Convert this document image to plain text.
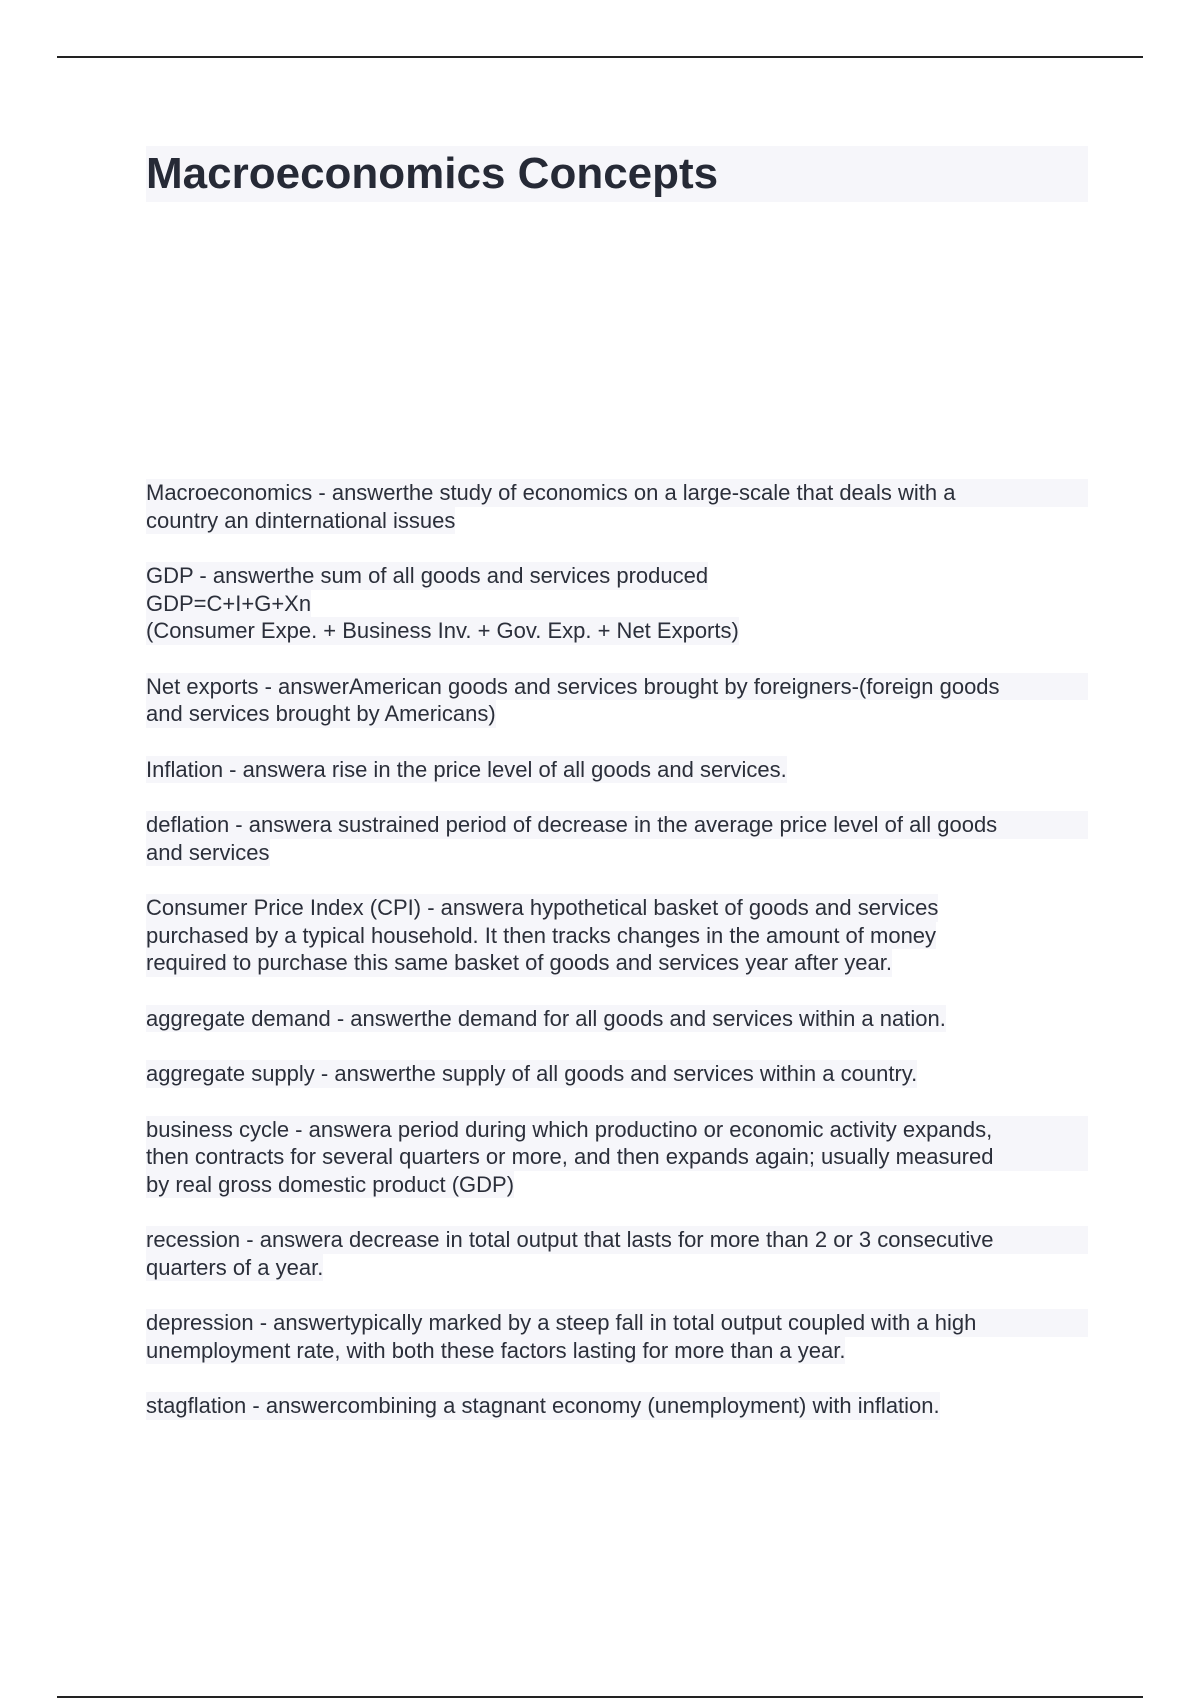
Macroeconomics Concepts
Macroeconomics - answerthe study of economics on a large-scale that deals with a
country an dinternational issues
GDP - answerthe sum of all goods and services produced
GDP=C+I+G+Xn
(Consumer Expe. + Business Inv. + Gov. Exp. + Net Exports)
Net exports - answerAmerican goods and services brought by foreigners-(foreign goods
and services brought by Americans)
Inflation - answera rise in the price level of all goods and services.
deflation - answera sustrained period of decrease in the average price level of all goods
and services
Consumer Price Index (CPI) - answera hypothetical basket of goods and services
purchased by a typical household. It then tracks changes in the amount of money
required to purchase this same basket of goods and services year after year.
aggregate demand - answerthe demand for all goods and services within a nation.
aggregate supply - answerthe supply of all goods and services within a country.
business cycle - answera period during which productino or economic activity expands,
then contracts for several quarters or more, and then expands again; usually measured
by real gross domestic product (GDP)
recession - answera decrease in total output that lasts for more than 2 or 3 consecutive
quarters of a year.
depression - answertypically marked by a steep fall in total output coupled with a high
unemployment rate, with both these factors lasting for more than a year.
stagflation - answercombining a stagnant economy (unemployment) with inflation.
